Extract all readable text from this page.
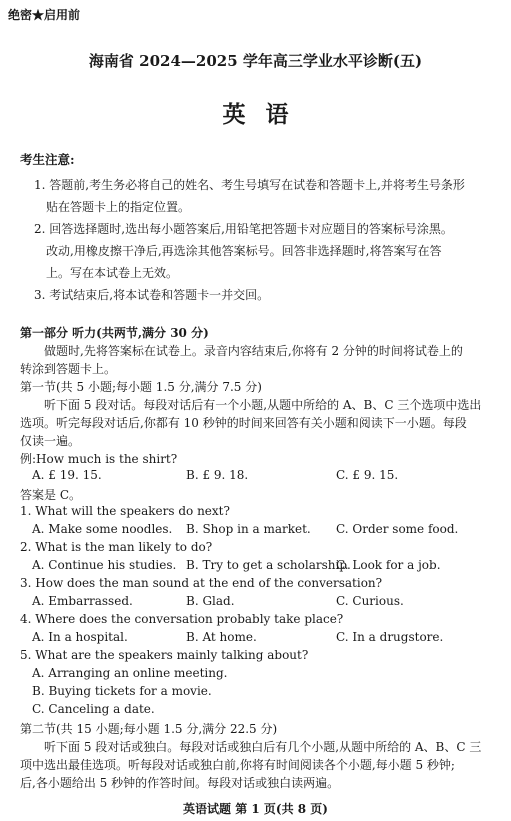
绝密★启用前
海南省 2024—2025 学年高三学业水平诊断(五)
英语
考生注意:
1. 答题前,考生务必将自己的姓名、考生号填写在试卷和答题卡上,并将考生号条形
贴在答题卡上的指定位置。
2. 回答选择题时,选出每小题答案后,用铅笔把答题卡对应题目的答案标号涂黑。
改动,用橡皮擦干净后,再选涂其他答案标号。回答非选择题时,将答案写在答
上。写在本试卷上无效。
3. 考试结束后,将本试卷和答题卡一并交回。
第一部分 听力(共两节,满分 30 分)
做题时,先将答案标在试卷上。录音内容结束后,你将有 2 分钟的时间将试卷上的
转涂到答题卡上。
第一节(共 5 小题;每小题 1.5 分,满分 7.5 分)
听下面 5 段对话。每段对话后有一个小题,从题中所给的 A、B、C 三个选项中选出
选项。听完每段对话后,你都有 10 秒钟的时间来回答有关小题和阅读下一小题。每段
仅读一遍。
例:How much is the shirt?
A. £ 19. 15.	B. £ 9. 18.	C. £ 9. 15.
答案是 C。
1. What will the speakers do next?
A. Make some noodles. B. Shop in a market. C. Order some food.
2. What is the man likely to do?
A. Continue his studies. B. Try to get a scholarship.
C. Look for a job.
3. How does the man sound at the end of the conversation?
A. Embarrassed.	B. Glad.	C. Curious.
4. Where does the conversation probably take place?
A. In a hospital.	B. At home.	C. In a drugstore.
5. What are the speakers mainly talking about?
A. Arranging an online meeting.
B. Buying tickets for a movie.
C. Canceling a date.
第二节(共 15 小题;每小题 1.5 分,满分 22.5 分)
听下面 5 段对话或独白。每段对话或独白后有几个小题,从题中所给的 A、B、C 三
项中选出最佳选项。听每段对话或独白前,你将有时间阅读各个小题,每小题 5 秒钟;
后,各小题给出 5 秒钟的作答时间。每段对话或独白读两遍。
英语试题 第 1 页(共 8 页)
